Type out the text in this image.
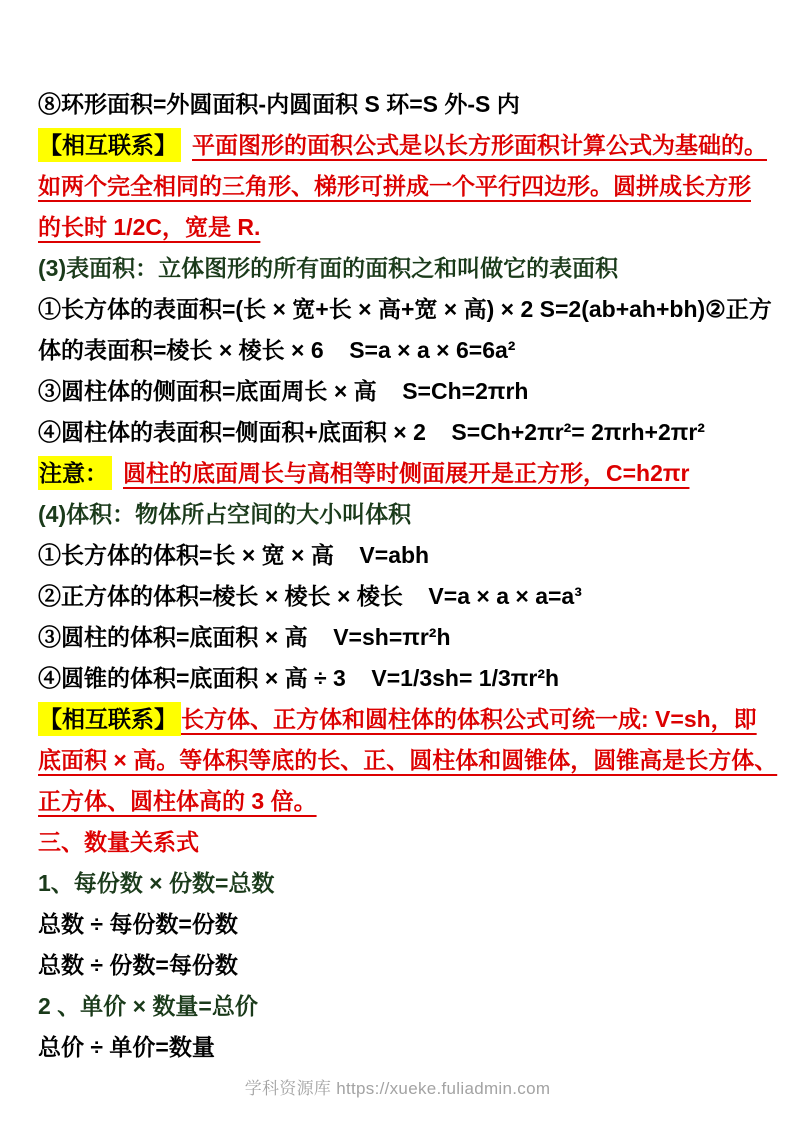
⑧环形面积=外圆面积-内圆面积 S 环=S 外-S 内
【相互联系】 平面图形的面积公式是以长方形面积计算公式为基础的。
如两个完全相同的三角形、梯形可拼成一个平行四边形。圆拼成长方形
的长时 1/2C，宽是 R.
(3)表面积：立体图形的所有面的面积之和叫做它的表面积
①长方体的表面积=(长 × 宽+长 × 高+宽 × 高) × 2 S=2(ab+ah+bh)②正方
体的表面积=棱长 × 棱长 × 6    S=a × a × 6=6a²
③圆柱体的侧面积=底面周长 × 高    S=Ch=2πrh
④圆柱体的表面积=侧面积+底面积 × 2    S=Ch+2πr²= 2πrh+2πr²
注意： 圆柱的底面周长与高相等时侧面展开是正方形，C=h2πr
(4)体积：物体所占空间的大小叫体积
①长方体的体积=长 × 宽 × 高    V=abh
②正方体的体积=棱长 × 棱长 × 棱长    V=a × a × a=a³
③圆柱的体积=底面积 × 高    V=sh=πr²h
④圆锥的体积=底面积 × 高 ÷ 3    V=1/3sh= 1/3πr²h
【相互联系】 长方体、正方体和圆柱体的体积公式可统一成: V=sh，即
底面积 × 高。等体积等底的长、正、圆柱体和圆锥体，圆锥高是长方体、
正方体、圆柱体高的 3 倍。
三、数量关系式
1、每份数 × 份数=总数
总数 ÷ 每份数=份数
总数 ÷ 份数=每份数
2 、单价 × 数量=总价
总价 ÷ 单价=数量
学科资源库 https://xueke.fuliadmin.com
